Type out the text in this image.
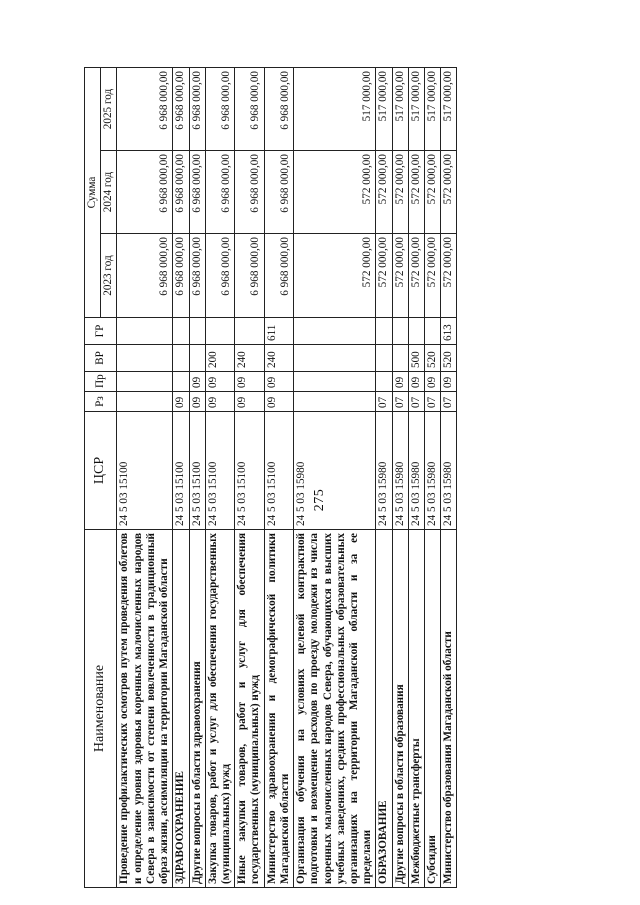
275
Наименование	ЦСР	Рз	Пр	ВР	ГР	Сумма		
						2023 год	2024 год	2025 год
Проведение профилактических осмотров путем проведения облетов и определение уровня здоровья коренных малочисленных народов Севера в зависимости от степени вовлеченности в традиционный образ жизни, ассимиляции на территории Магаданской области	24 5 03 15100					6 968 000,00	6 968 000,00	6 968 000,00
ЗДРАВООХРАНЕНИЕ	24 5 03 15100	09				6 968 000,00	6 968 000,00	6 968 000,00
Другие вопросы в области здравоохранения	24 5 03 15100	09	09			6 968 000,00	6 968 000,00	6 968 000,00
Закупка товаров, работ и услуг для обеспечения государственных (муниципальных) нужд	24 5 03 15100	09	09	200		6 968 000,00	6 968 000,00	6 968 000,00
Иные закупки товаров, работ и услуг для обеспечения государственных (муниципальных) нужд	24 5 03 15100	09	09	240		6 968 000,00	6 968 000,00	6 968 000,00
Министерство здравоохранения и демографической политики Магаданской области	24 5 03 15100	09	09	240	611	6 968 000,00	6 968 000,00	6 968 000,00
Организация обучения на условиях целевой контрактной подготовки и возмещение расходов по проезду молодежи из числа коренных малочисленных народов Севера, обучающихся в высших учебных заведениях, средних профессиональных образовательных организациях на территории Магаданской области и за ее пределами	24 5 03 15980					572 000,00	572 000,00	517 000,00
ОБРАЗОВАНИЕ	24 5 03 15980	07				572 000,00	572 000,00	517 000,00
Другие вопросы в области образования	24 5 03 15980	07	09			572 000,00	572 000,00	517 000,00
Межбюджетные трансферты	24 5 03 15980	07	09	500		572 000,00	572 000,00	517 000,00
Субсидии	24 5 03 15980	07	09	520		572 000,00	572 000,00	517 000,00
Министерство образования Магаданской области	24 5 03 15980	07	09	520	613	572 000,00	572 000,00	517 000,00
